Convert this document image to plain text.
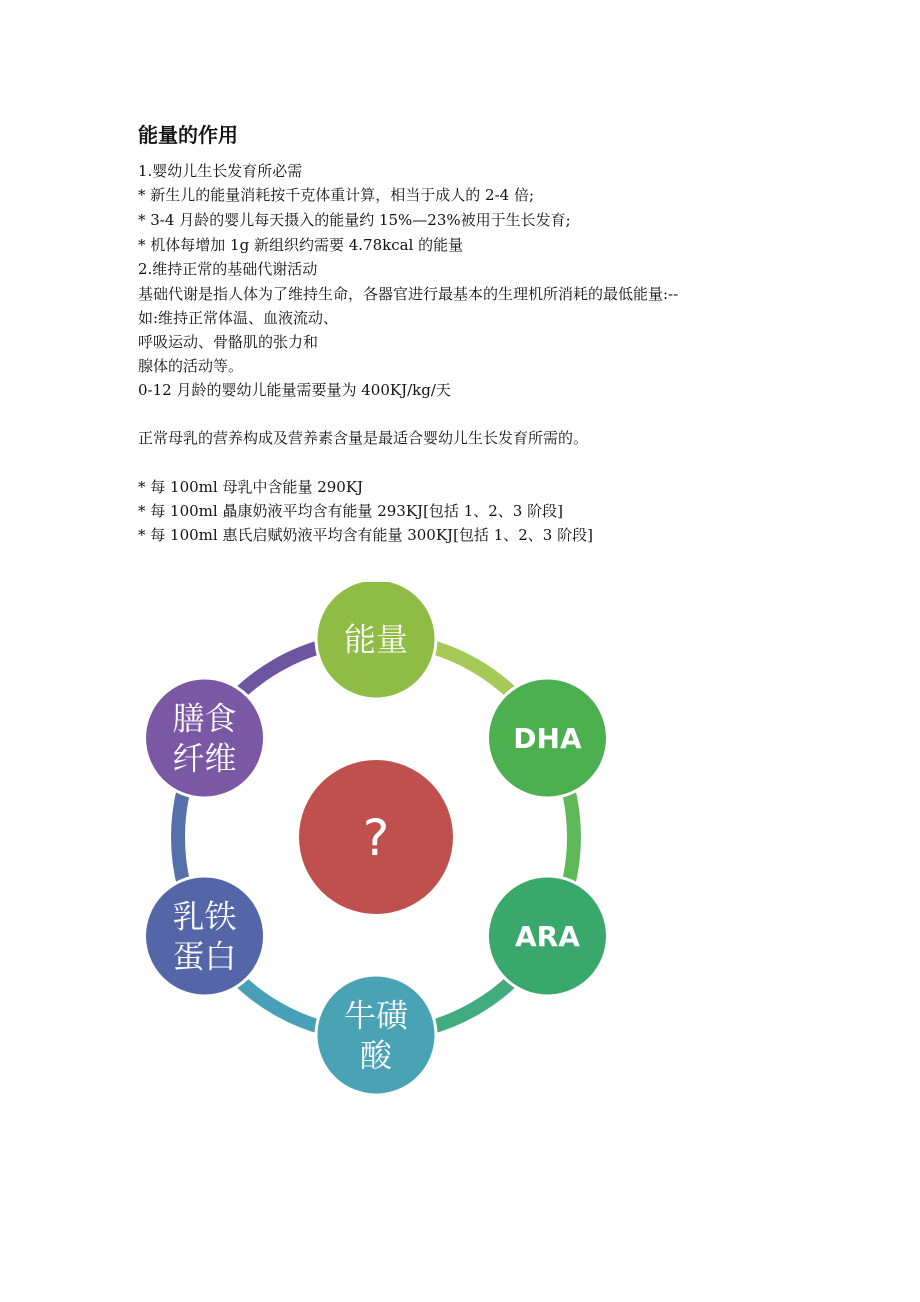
能量的作用
1.婴幼儿生长发育所必需
* 新生儿的能量消耗按千克体重计算，相当于成人的 2-4 倍;
* 3-4 月龄的婴儿每天摄入的能量约 15%—23%被用于生长发育;
* 机体每增加 1g 新组织约需要 4.78kcal 的能量
2.维持正常的基础代谢活动
基础代谢是指人体为了维持生命，各器官进行最基本的生理机所消耗的最低能量:--
如:维持正常体温、血液流动、
呼吸运动、骨骼肌的张力和
腺体的活动等。
0-12 月龄的婴幼儿能量需要量为 400KJ/kg/天
正常母乳的营养构成及营养素含量是最适合婴幼儿生长发育所需的。
* 每 100ml 母乳中含能量 290KJ
* 每 100ml 贔康奶液平均含有能量 293KJ[包括 1、2、3 阶段]
* 每 100ml 惠氏启赋奶液平均含有能量 300KJ[包括 1、2、3 阶段]
?
能量
DHA
ARA
牛磺
酸
乳铁
蛋白
膳食
纤维
